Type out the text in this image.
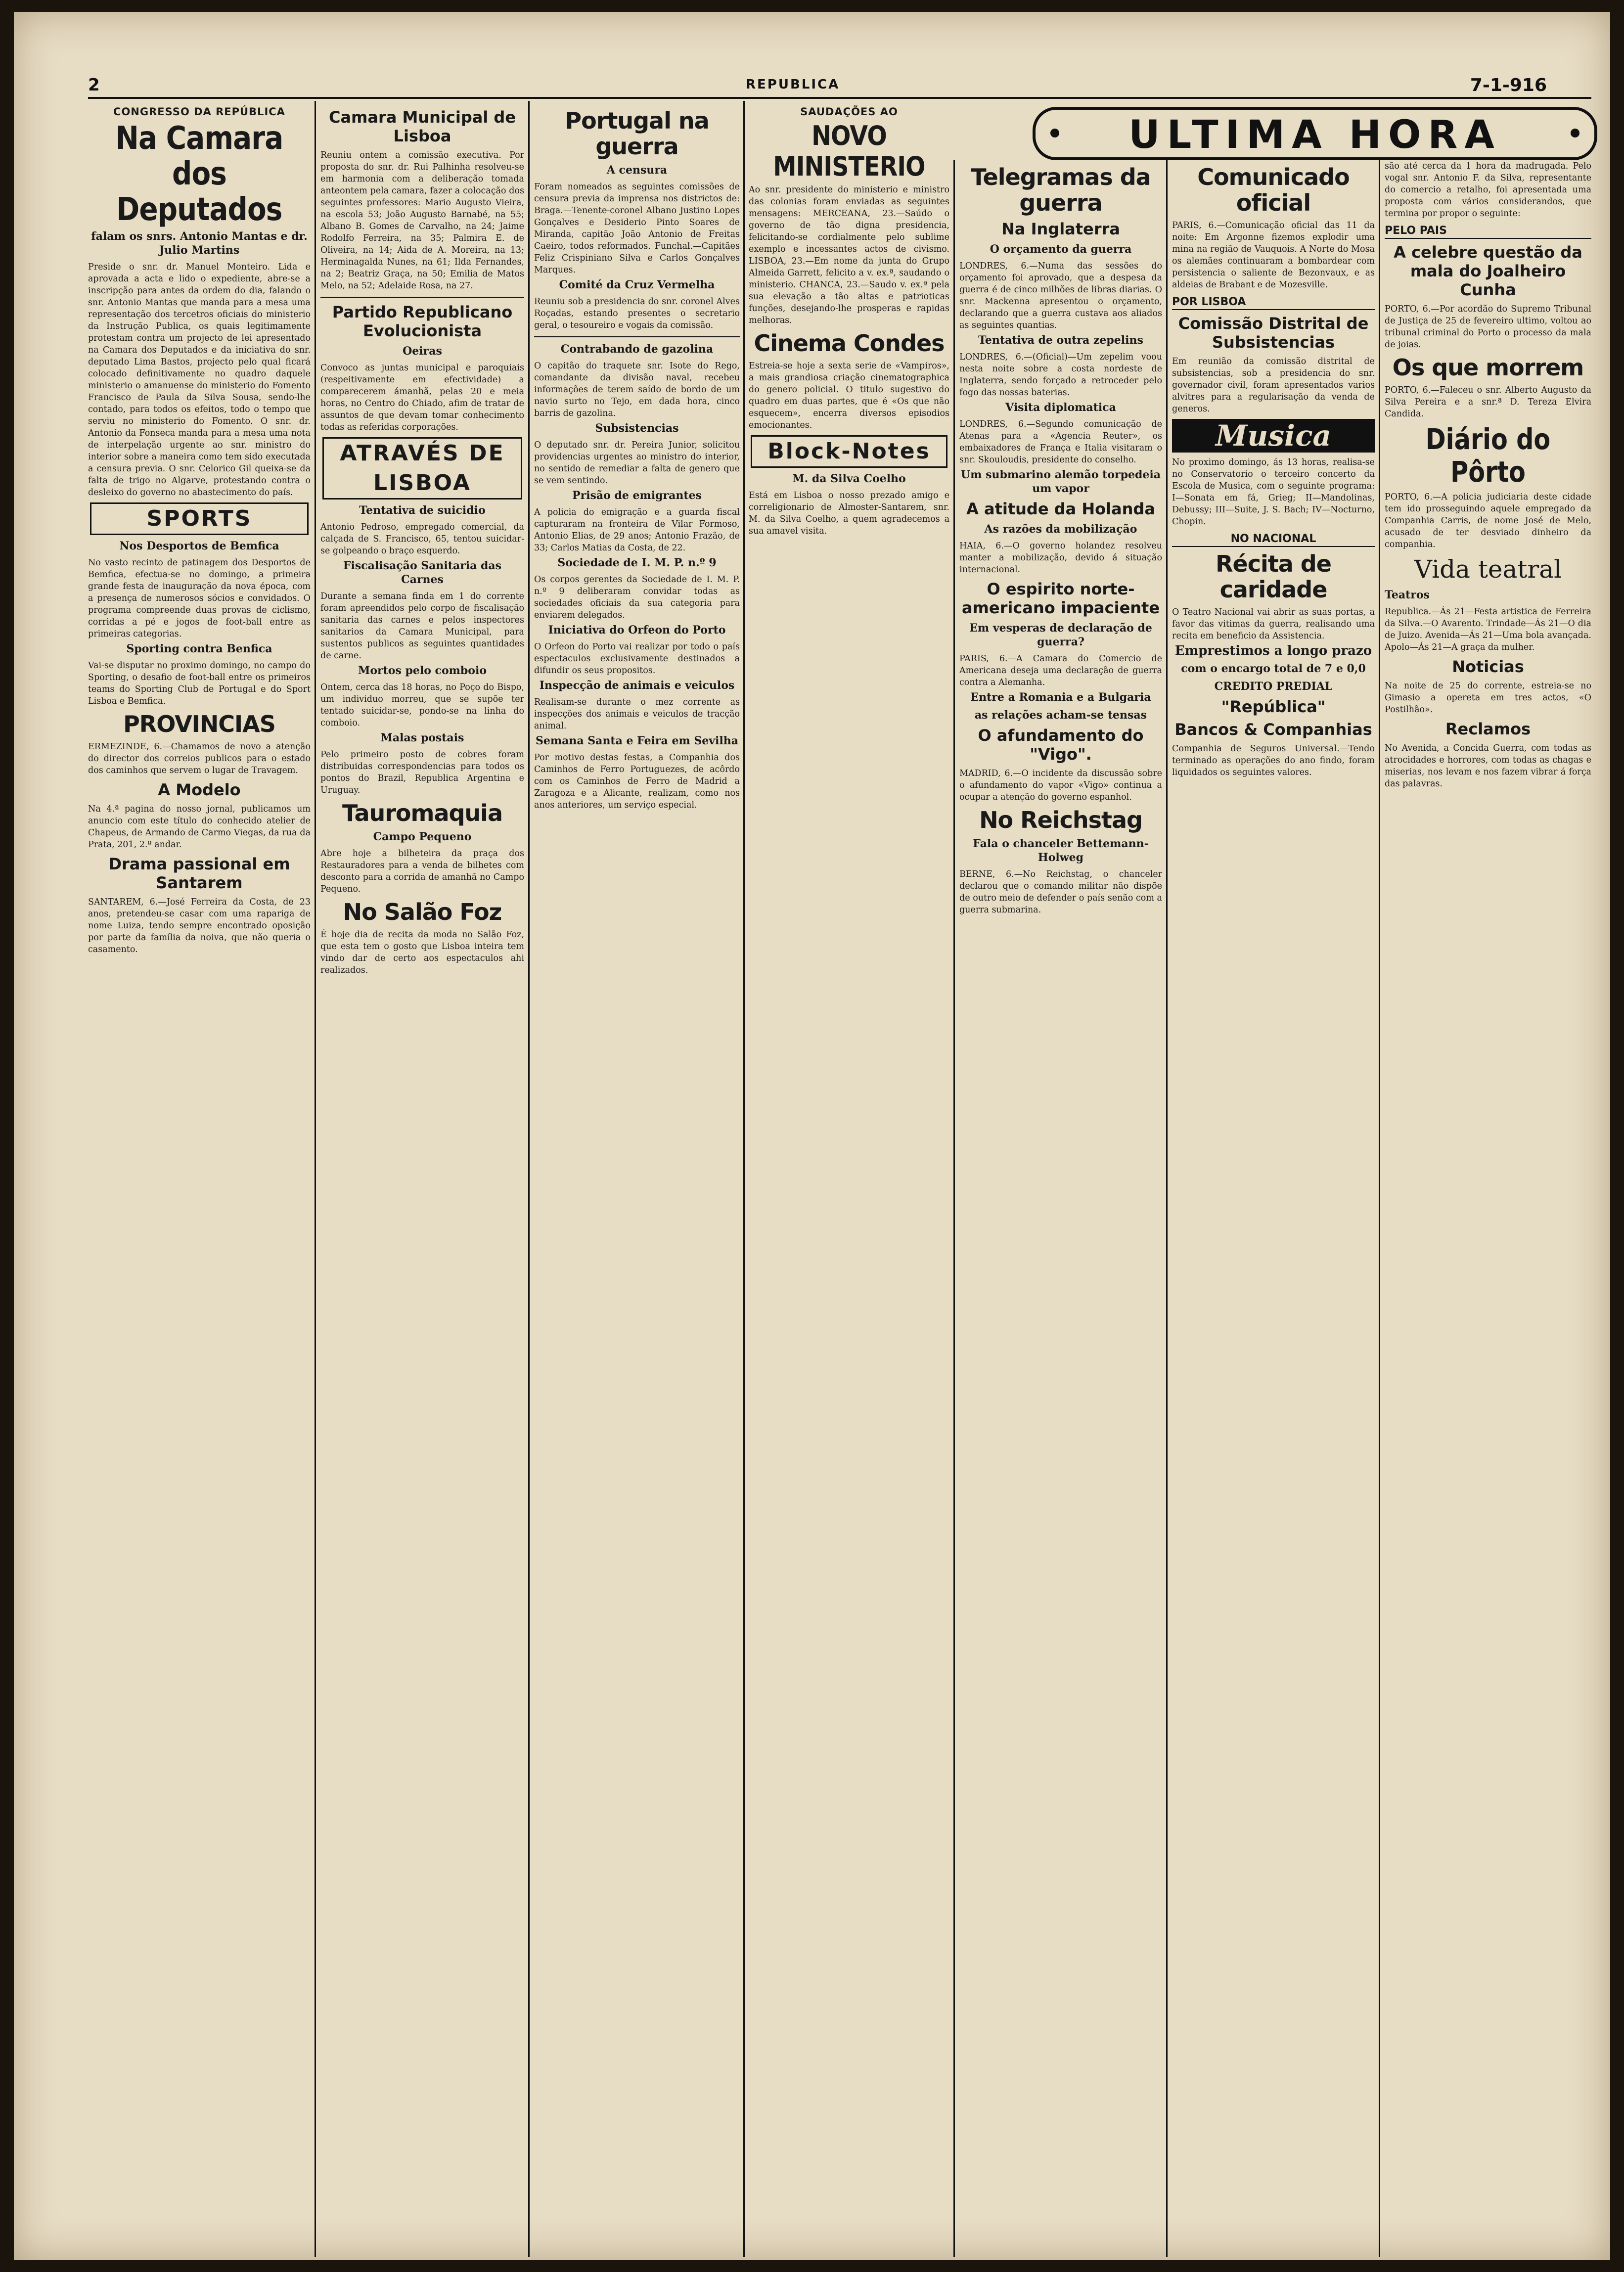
2	REPUBLICA	7-1-916
ULTIMA HORA
CONGRESSO DA REPÚBLICA
Na Camara dos Deputados
falam os snrs. Antonio Mantas e dr. Julio Martins
Preside o snr. dr. Manuel Monteiro. Lida e aprovada a acta e lido o expediente, abre-se a inscripção para antes da ordem do dia, falando o snr. Antonio Mantas que manda para a mesa uma representação dos tercetros oficiais do ministerio da Instrução Publica, os quais legitimamente protestam contra um projecto de lei apresentado na Camara dos Deputados e da iniciativa do snr. deputado Lima Bastos, projecto pelo qual ficará colocado definitivamente no quadro daquele ministerio o amanuense do ministerio do Fomento Francisco de Paula da Silva Sousa, sendo-lhe contado, para todos os efeitos, todo o tempo que serviu no ministerio do Fomento. O snr. dr. Antonio da Fonseca manda para a mesa uma nota de interpelação urgente ao snr. ministro do interior sobre a maneira como tem sido executada a censura previa. O snr. Celorico Gil queixa-se da falta de trigo no Algarve, protestando contra o desleixo do governo no abastecimento do país.
SPORTS
Nos Desportos de Bemfica
No vasto recinto de patinagem dos Desportos de Bemfica, efectua-se no domingo, a primeira grande festa de inauguração da nova época, com a presença de numerosos sócios e convidados. O programa compreende duas provas de ciclismo, corridas a pé e jogos de foot-ball entre as primeiras categorias.
Sporting contra Benfica
Vai-se disputar no proximo domingo, no campo do Sporting, o desafio de foot-ball entre os primeiros teams do Sporting Club de Portugal e do Sport Lisboa e Bemfica.
PROVINCIAS
ERMEZINDE, 6.—Chamamos de novo a atenção do director dos correios publicos para o estado dos caminhos que servem o lugar de Travagem.
A Modelo
Na 4.ª pagina do nosso jornal, publicamos um anuncio com este título do conhecido atelier de Chapeus, de Armando de Carmo Viegas, da rua da Prata, 201, 2.º andar.
Drama passional em Santarem
SANTAREM, 6.—José Ferreira da Costa, de 23 anos, pretendeu-se casar com uma rapariga de nome Luiza, tendo sempre encontrado oposição por parte da família da noiva, que não queria o casamento.
Camara Municipal de Lisboa
Reuniu ontem a comissão executiva. Por proposta do snr. dr. Rui Palhinha resolveu-se em harmonia com a deliberação tomada anteontem pela camara, fazer a colocação dos seguintes professores: Mario Augusto Vieira, na escola 53; João Augusto Barnabé, na 55; Albano B. Gomes de Carvalho, na 24; Jaime Rodolfo Ferreira, na 35; Palmira E. de Oliveira, na 14; Aida de A. Moreira, na 13; Herminagalda Nunes, na 61; Ilda Fernandes, na 2; Beatriz Graça, na 50; Emilia de Matos Melo, na 52; Adelaide Rosa, na 27.
Partido Republicano Evolucionista
Oeiras
Convoco as juntas municipal e paroquiais (respeitivamente em efectividade) a comparecerem ámanhã, pelas 20 e meia horas, no Centro do Chiado, afim de tratar de assuntos de que devam tomar conhecimento todas as referidas corporações.
ATRAVÉS DE LISBOA
Tentativa de suicidio
Antonio Pedroso, empregado comercial, da calçada de S. Francisco, 65, tentou suicidar-se golpeando o braço esquerdo.
Fiscalisação Sanitaria das Carnes
Durante a semana finda em 1 do corrente foram apreendidos pelo corpo de fiscalisação sanitaria das carnes e pelos inspectores sanitarios da Camara Municipal, para sustentos publicos as seguintes quantidades de carne.
Mortos pelo comboio
Ontem, cerca das 18 horas, no Poço do Bispo, um individuo morreu, que se supõe ter tentado suicidar-se, pondo-se na linha do comboio.
Malas postais
Pelo primeiro posto de cobres foram distribuidas correspondencias para todos os pontos do Brazil, Republica Argentina e Uruguay.
Tauromaquia
Campo Pequeno
Abre hoje a bilheteira da praça dos Restauradores para a venda de bilhetes com desconto para a corrida de amanhã no Campo Pequeno.
No Salão Foz
É hoje dia de recita da moda no Salão Foz, que esta tem o gosto que Lisboa inteira tem vindo dar de certo aos espectaculos ahi realizados.
Portugal na guerra
A censura
Foram nomeados as seguintes comissões de censura previa da imprensa nos districtos de: Braga.—Tenente-coronel Albano Justino Lopes Gonçalves e Desiderio Pinto Soares de Miranda, capitão João Antonio de Freitas Caeiro, todos reformados. Funchal.—Capitães Feliz Crispiniano Silva e Carlos Gonçalves Marques.
Comité da Cruz Vermelha
Reuniu sob a presidencia do snr. coronel Alves Roçadas, estando presentes o secretario geral, o tesoureiro e vogais da comissão.
Contrabando de gazolina
O capitão do traquete snr. Isote do Rego, comandante da divisão naval, recebeu informações de terem saído de bordo de um navio surto no Tejo, em dada hora, cinco barris de gazolina.
Subsistencias
O deputado snr. dr. Pereira Junior, solicitou providencias urgentes ao ministro do interior, no sentido de remediar a falta de genero que se vem sentindo.
Prisão de emigrantes
A policia do emigração e a guarda fiscal capturaram na fronteira de Vilar Formoso, Antonio Elias, de 29 anos; Antonio Frazão, de 33; Carlos Matias da Costa, de 22.
Sociedade de I. M. P. n.º 9
Os corpos gerentes da Sociedade de I. M. P. n.º 9 deliberaram convidar todas as sociedades oficiais da sua categoria para enviarem delegados.
Iniciativa do Orfeon do Porto
O Orfeon do Porto vai realizar por todo o país espectaculos exclusivamente destinados a difundir os seus propositos.
Inspecção de animais e veiculos
Realisam-se durante o mez corrente as inspecções dos animais e veiculos de tracção animal.
Semana Santa e Feira em Sevilha
Por motivo destas festas, a Companhia dos Caminhos de Ferro Portuguezes, de acôrdo com os Caminhos de Ferro de Madrid a Zaragoza e a Alicante, realizam, como nos anos anteriores, um serviço especial.
SAUDAÇÕES AO
NOVO MINISTERIO
Ao snr. presidente do ministerio e ministro das colonias foram enviadas as seguintes mensagens: MERCEANA, 23.—Saúdo o governo de tão digna presidencia, felicitando-se cordialmente pelo sublime exemplo e incessantes actos de civismo. LISBOA, 23.—Em nome da junta do Grupo Almeida Garrett, felicito a v. ex.ª, saudando o ministerio. CHANCA, 23.—Saudo v. ex.ª pela sua elevação a tão altas e patrioticas funções, desejando-lhe prosperas e rapidas melhoras.
Cinema Condes
Estreia-se hoje a sexta serie de «Vampiros», a mais grandiosa criação cinematographica do genero policial. O titulo sugestivo do quadro em duas partes, que é «Os que não esquecem», encerra diversos episodios emocionantes.
Block-Notes
M. da Silva Coelho
Está em Lisboa o nosso prezado amigo e correligionario de Almoster-Santarem, snr. M. da Silva Coelho, a quem agradecemos a sua amavel visita.
Telegramas da guerra
Na Inglaterra
O orçamento da guerra
LONDRES, 6.—Numa das sessões do orçamento foi aprovado, que a despesa da guerra é de cinco milhões de libras diarias. O snr. Mackenna apresentou o orçamento, declarando que a guerra custava aos aliados as seguintes quantias.
Tentativa de outra zepelins
LONDRES, 6.—(Oficial)—Um zepelim voou nesta noite sobre a costa nordeste de Inglaterra, sendo forçado a retroceder pelo fogo das nossas baterias.
Visita diplomatica
LONDRES, 6.—Segundo comunicação de Atenas para a «Agencia Reuter», os embaixadores de França e Italia visitaram o snr. Skouloudis, presidente do conselho.
Um submarino alemão torpedeia um vapor
A atitude da Holanda
As razões da mobilização
HAIA, 6.—O governo holandez resolveu manter a mobilização, devido á situação internacional.
O espirito norte-americano impaciente
Em vesperas de declaração de guerra?
PARIS, 6.—A Camara do Comercio de Americana deseja uma declaração de guerra contra a Alemanha.
Entre a Romania e a Bulgaria
as relações acham-se tensas
O afundamento do "Vigo".
MADRID, 6.—O incidente da discussão sobre o afundamento do vapor «Vigo» continua a ocupar a atenção do governo espanhol.
No Reichstag
Fala o chanceler Bettemann-Holweg
BERNE, 6.—No Reichstag, o chanceler declarou que o comando militar não dispõe de outro meio de defender o país senão com a guerra submarina.
Comunicado oficial
PARIS, 6.—Comunicação oficial das 11 da noite: Em Argonne fizemos explodir uma mina na região de Vauquois. A Norte do Mosa os alemães continuaram a bombardear com persistencia o saliente de Bezonvaux, e as aldeias de Brabant e de Mozesville.
POR LISBOA
Comissão Distrital de Subsistencias
Em reunião da comissão distrital de subsistencias, sob a presidencia do snr. governador civil, foram apresentados varios alvitres para a regularisação da venda de generos.
Musica
No proximo domingo, ás 13 horas, realisa-se no Conservatorio o terceiro concerto da Escola de Musica, com o seguinte programa: I—Sonata em fá, Grieg; II—Mandolinas, Debussy; III—Suite, J. S. Bach; IV—Nocturno, Chopin.
NO NACIONAL
Récita de caridade
O Teatro Nacional vai abrir as suas portas, a favor das vitimas da guerra, realisando uma recita em beneficio da Assistencia.
Emprestimos a longo prazo
com o encargo total de 7 e 0,0
CREDITO PREDIAL
"República"
Bancos & Companhias
Companhia de Seguros Universal.—Tendo terminado as operações do ano findo, foram liquidados os seguintes valores.
são até cerca da 1 hora da madrugada. Pelo vogal snr. Antonio F. da Silva, representante do comercio a retalho, foi apresentada uma proposta com vários considerandos, que termina por propor o seguinte:
PELO PAIS
A celebre questão da mala do Joalheiro Cunha
PORTO, 6.—Por acordão do Supremo Tribunal de Justiça de 25 de fevereiro ultimo, voltou ao tribunal criminal do Porto o processo da mala de joias.
Os que morrem
PORTO, 6.—Faleceu o snr. Alberto Augusto da Silva Pereira e a snr.ª D. Tereza Elvira Candida.
Diário do Pôrto
PORTO, 6.—A policia judiciaria deste cidade tem ido prosseguindo aquele empregado da Companhia Carris, de nome José de Melo, acusado de ter desviado dinheiro da companhia.
Vida teatral
Teatros
Republica.—Ás 21—Festa artistica de Ferreira da Silva.—O Avarento. Trindade—Ás 21—O dia de Juizo. Avenida—Ás 21—Uma bola avançada. Apolo—Ás 21—A graça da mulher.
Noticias
Na noite de 25 do corrente, estreia-se no Gimasio a opereta em tres actos, «O Postilhão».
Reclamos
No Avenida, a Concida Guerra, com todas as atrocidades e horrores, com todas as chagas e miserias, nos levam e nos fazem vibrar á força das palavras.
